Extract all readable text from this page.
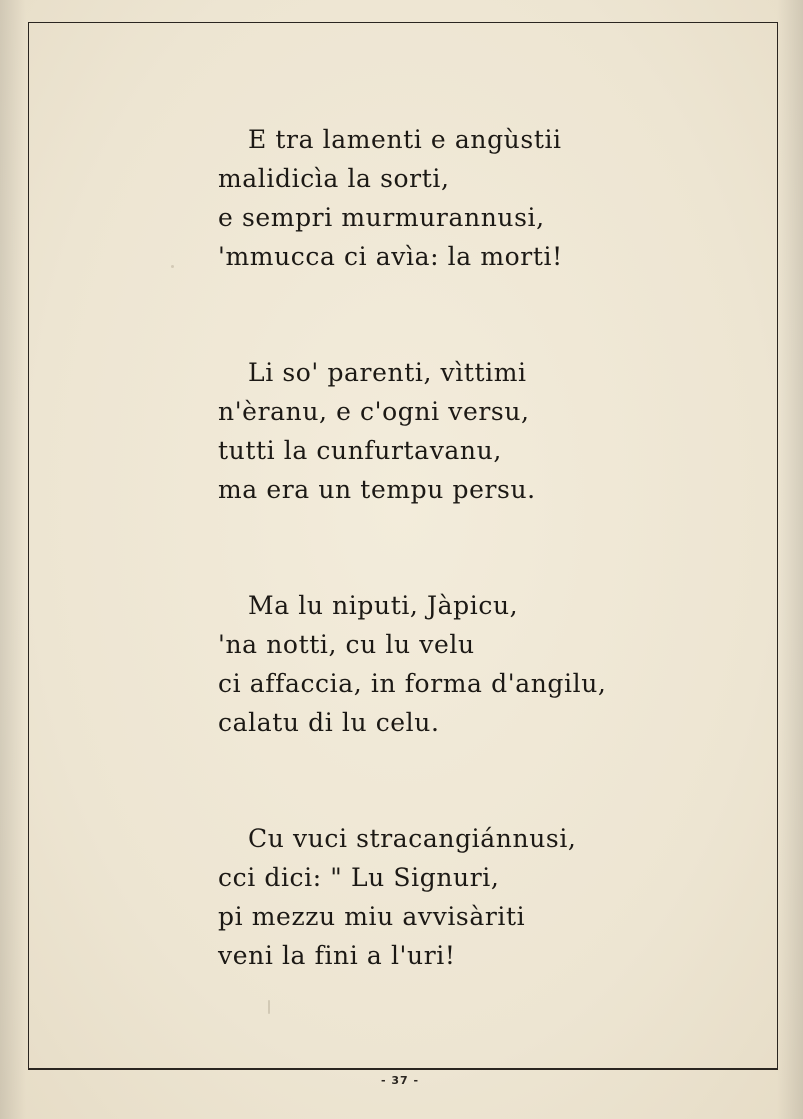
E tra lamenti e angùstii
malidicìa la sorti,
e sempri murmurannusi,
'mmucca ci avìa: la morti!
Li so' parenti, vìttimi
n'èranu, e c'ogni versu,
tutti la cunfurtavanu,
ma era un tempu persu.
Ma lu niputi, Jàpicu,
'na notti, cu lu velu
ci affaccia, in forma d'angilu,
calatu di lu celu.
Cu vuci stracangiánnusi,
cci dici: " Lu Signuri,
pi mezzu miu avvisàriti
veni la fini a l'uri!
- 37 -
